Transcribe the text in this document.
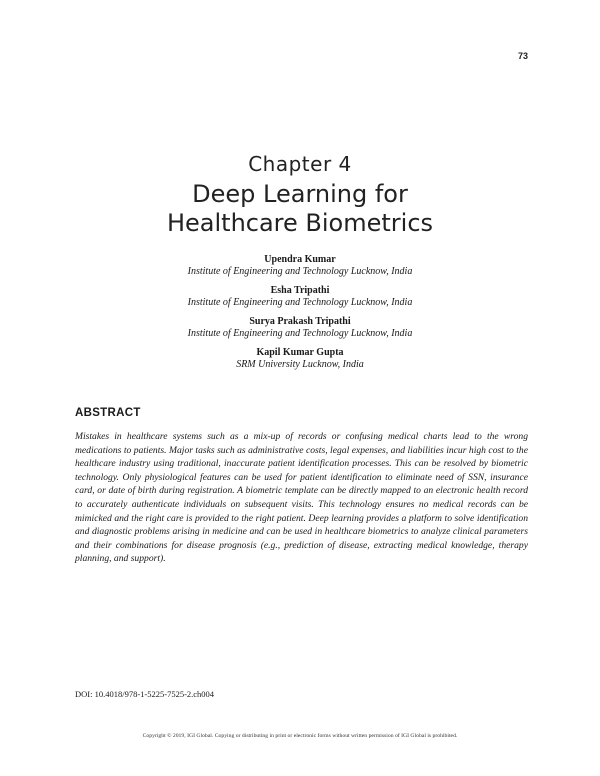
73
Chapter 4
Deep Learning for
Healthcare Biometrics
Upendra Kumar
Institute of Engineering and Technology Lucknow, India
Esha Tripathi
Institute of Engineering and Technology Lucknow, India
Surya Prakash Tripathi
Institute of Engineering and Technology Lucknow, India
Kapil Kumar Gupta
SRM University Lucknow, India
ABSTRACT

Mistakes in healthcare systems such as a mix-up of records or confusing medical charts lead to the wrong medications to patients. Major tasks such as administrative costs, legal expenses, and liabilities incur high cost to the healthcare industry using traditional, inaccurate patient identification processes. This can be resolved by biometric technology. Only physiological features can be used for patient identification to eliminate need of SSN, insurance card, or date of birth during registration. A biometric template can be directly mapped to an electronic health record to accurately authenticate individuals on subsequent visits. This technology ensures no medical records can be mimicked and the right care is provided to the right patient. Deep learning provides a platform to solve identification and diagnostic problems arising in medicine and can be used in healthcare biometrics to analyze clinical parameters and their combinations for disease prognosis (e.g., prediction of disease, extracting medical knowledge, therapy planning, and support).

DOI: 10.4018/978-1-5225-7525-2.ch004
Copyright © 2019, IGI Global. Copying or distributing in print or electronic forms without written permission of IGI Global is prohibited.
